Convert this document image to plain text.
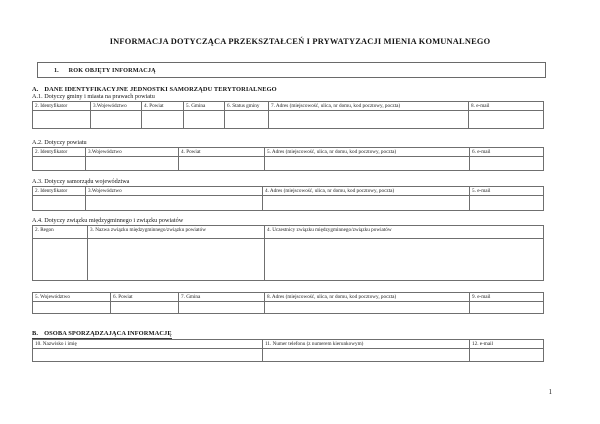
INFORMACJA DOTYCZĄCA PRZEKSZTAŁCEŃ I PRYWATYZACJI MIENIA KOMUNALNEGO
1. ROK OBJĘTY INFORMACJĄ
A. DANE IDENTYFIKACYJNE JEDNOSTKI SAMORZĄDU TERYTORIALNEGO
A.1. Dotyczy gminy i miasta na prawach powiatu
2. Identyfikator	3.Województwo	4. Powiat	5. Gmina	6. Status gminy	7. Adres (miejscowość, ulica, nr domu, kod pocztowy, poczta)	8. e-mail

A.2. Dotyczy powiatu
2. Identyfikator	3.Województwo	4. Powiat	5. Adres (miejscowość, ulica, nr domu, kod pocztowy, poczta)	6. e-mail

A.3. Dotyczy samorządu województwa
2. Identyfikator	3.Województwo	4. Adres (miejscowość, ulica, nr domu, kod pocztowy, poczta)	5. e-mail

A.4. Dotyczy związku międzygminnego i związku powiatów
2. Regon	3. Nazwa związku międzygminnego/związku powiatów	4. Uczestnicy związku międzygminnego/związku powiatów

5. Województwo	6. Powiat	7. Gmina	8. Adres (miejscowość, ulica, nr domu, kod pocztowy, poczta)	9. e-mail

B. OSOBA SPORZĄDZAJĄCA INFORMACJĘ
10. Nazwisko i imię	11. Numer telefonu (z numerem kierunkowym)	12. e-mail

1
